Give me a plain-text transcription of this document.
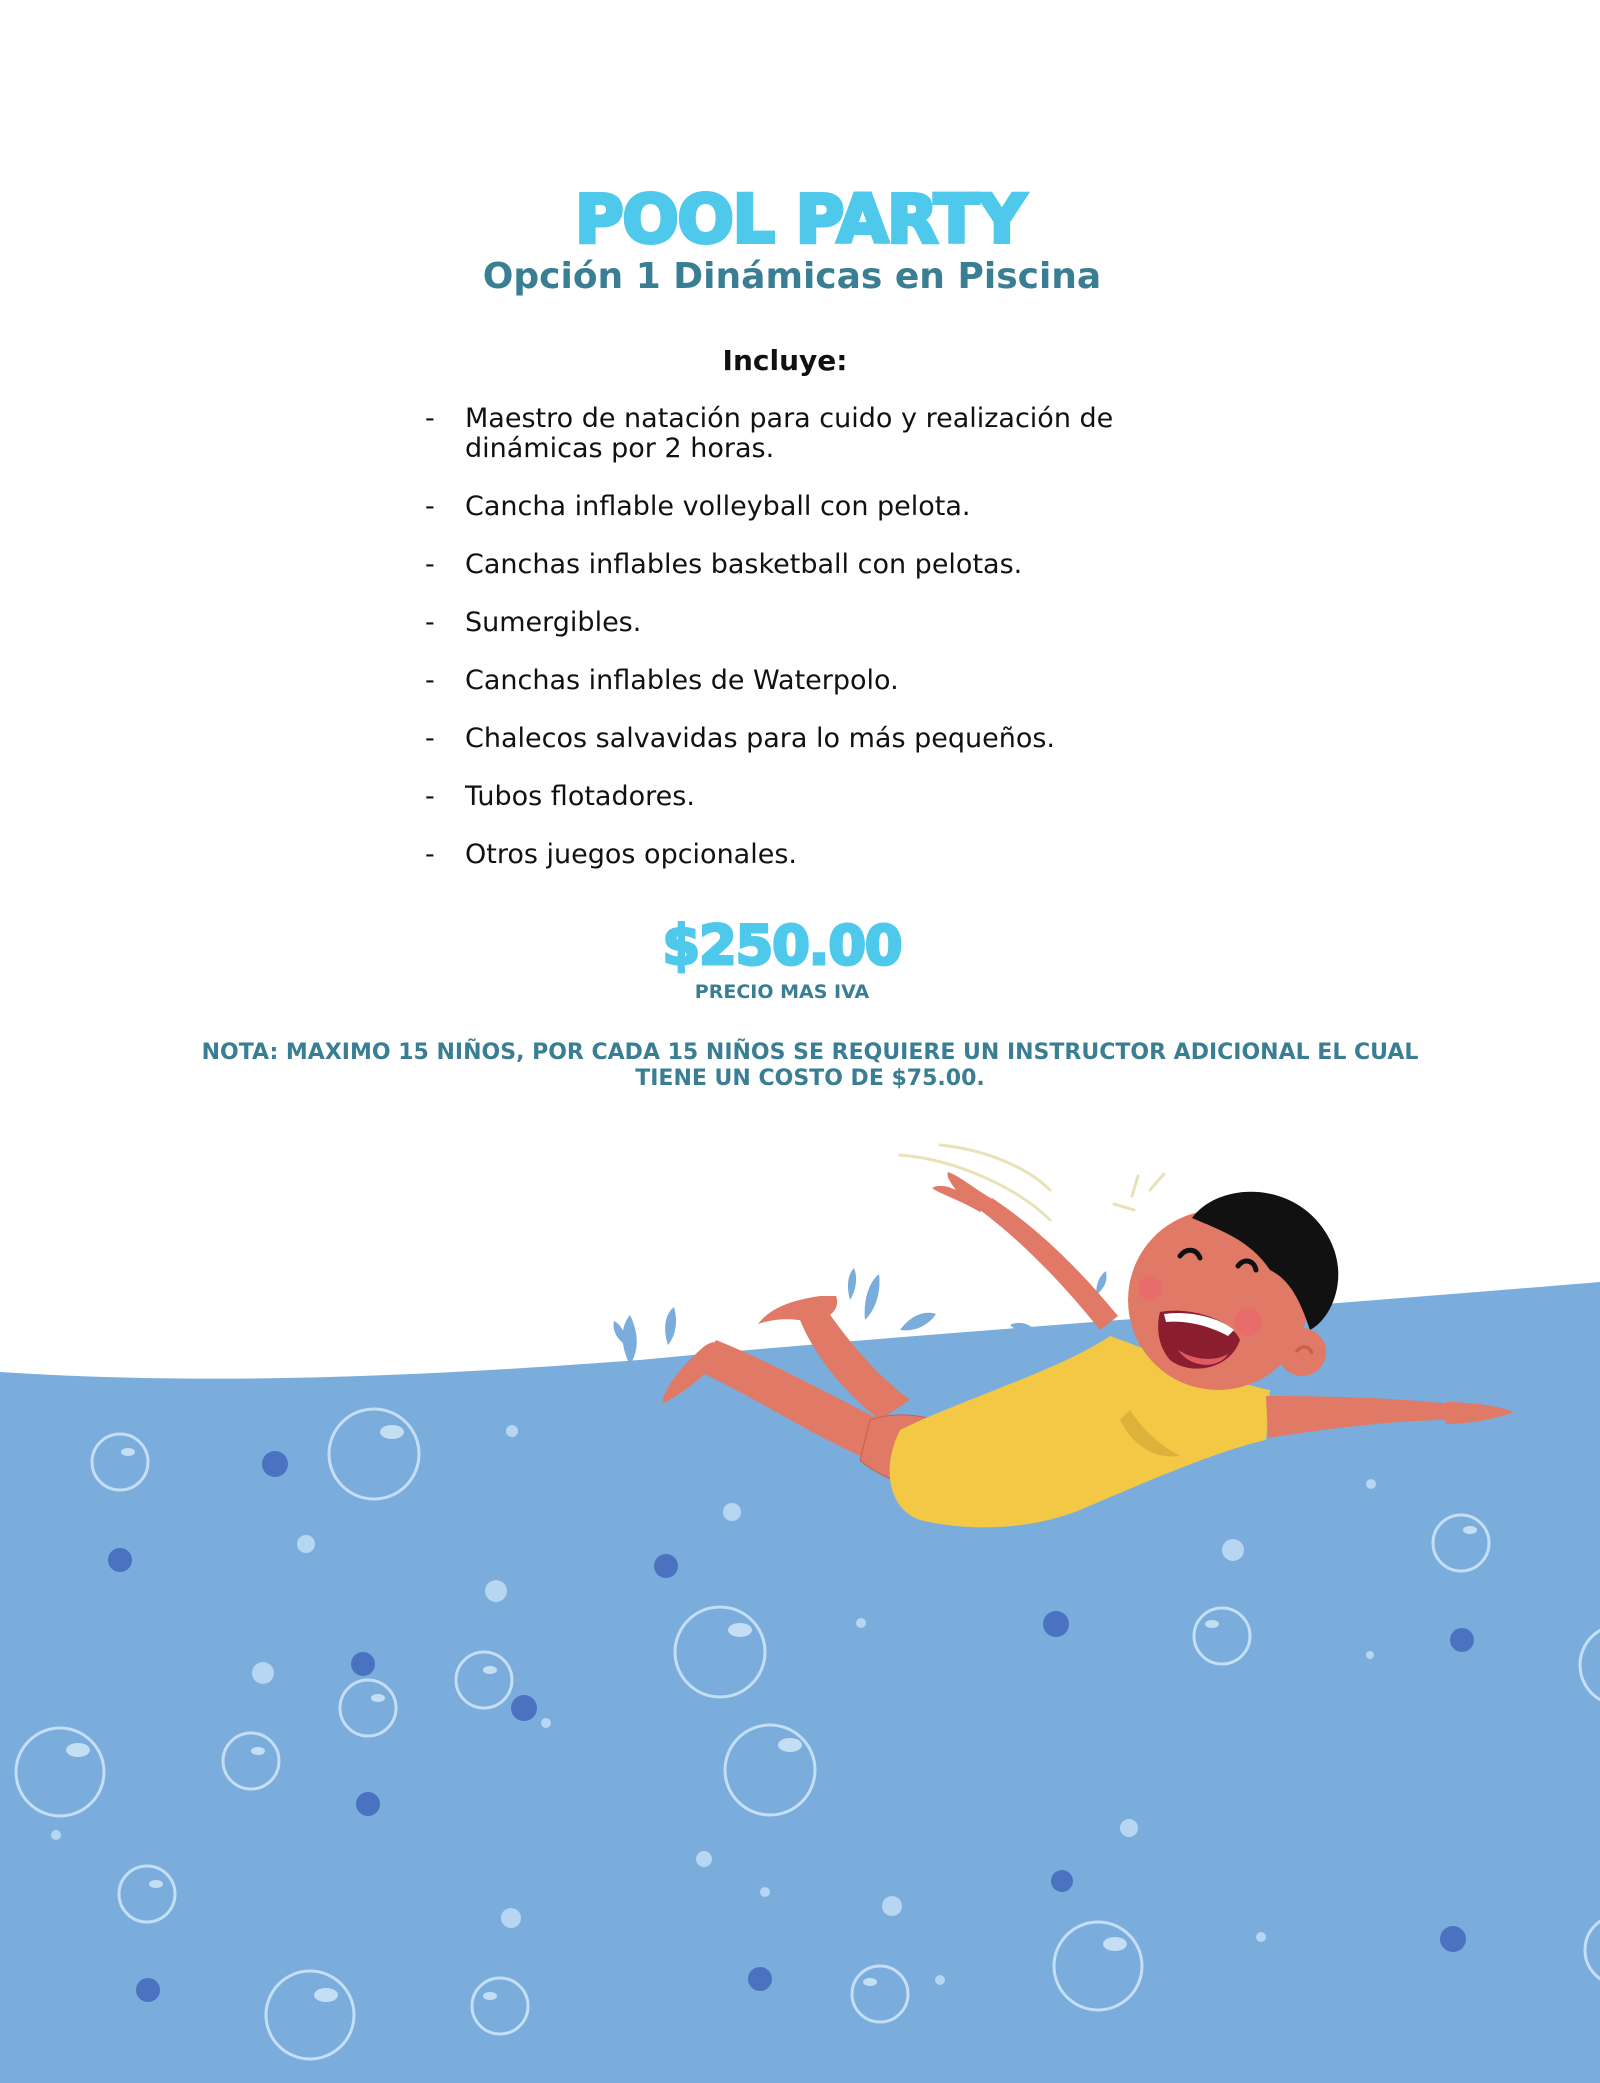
POOL PARTY
Opción 1 Dinámicas en Piscina
Incluye:
- Maestro de natación para cuido y realización de dinámicas por 2 horas.
- Cancha inflable volleyball con pelota.
- Canchas inflables basketball con pelotas.
- Sumergibles.
- Canchas inflables de Waterpolo.
- Chalecos salvavidas para lo más pequeños.
- Tubos flotadores.
- Otros juegos opcionales.
$250.00
PRECIO MAS IVA
NOTA: MAXIMO 15 NIÑOS, POR CADA 15 NIÑOS SE REQUIERE UN INSTRUCTOR ADICIONAL EL CUAL TIENE UN COSTO DE $75.00.
